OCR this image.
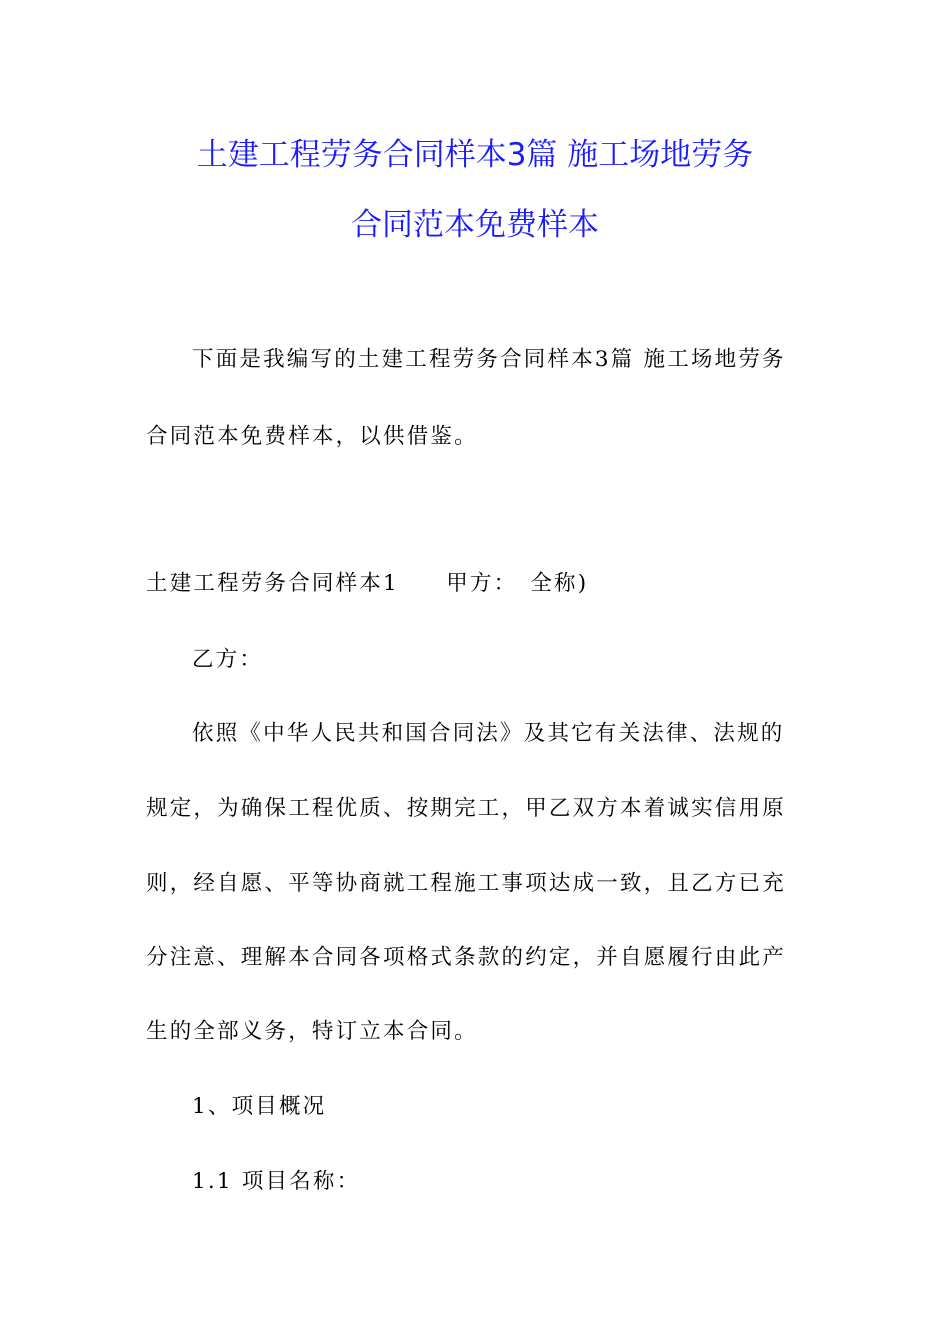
土建工程劳务合同样本3篇 施工场地劳务
合同范本免费样本
下面是我编写的土建工程劳务合同样本3篇 施工场地劳务
合同范本免费样本，以供借鉴。
土建工程劳务合同样本1　　甲方：　全称)
乙方：
依照《中华人民共和国合同法》及其它有关法律、法规的
规定，为确保工程优质、按期完工，甲乙双方本着诚实信用原
则，经自愿、平等协商就工程施工事项达成一致，且乙方已充
分注意、理解本合同各项格式条款的约定，并自愿履行由此产
生的全部义务，特订立本合同。
1、项目概况
1.1 项目名称：
